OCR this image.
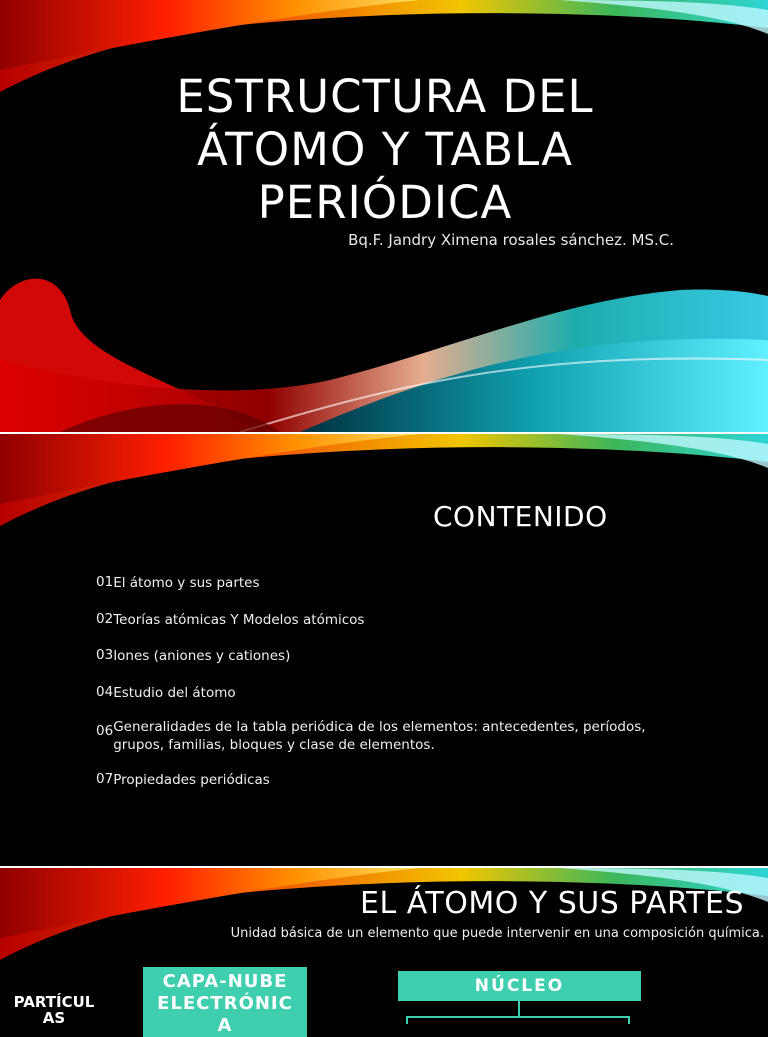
ESTRUCTURA DEL
ÁTOMO Y TABLA
PERIÓDICA
Bq.F. Jandry Ximena rosales sánchez. MS.C.
CONTENIDO
01 El átomo y sus partes
02 Teorías atómicas Y Modelos atómicos
03 Iones (aniones y cationes)
04 Estudio del átomo
06 Generalidades de la tabla periódica de los elementos: antecedentes, períodos,
grupos, familias, bloques y clase de elementos.
07 Propiedades periódicas
EL ÁTOMO Y SUS PARTES
Unidad básica de un elemento que puede intervenir en una composición química.
PARTÍCUL
AS
CAPA-NUBE
ELECTRÓNIC
A
NÚCLEO
